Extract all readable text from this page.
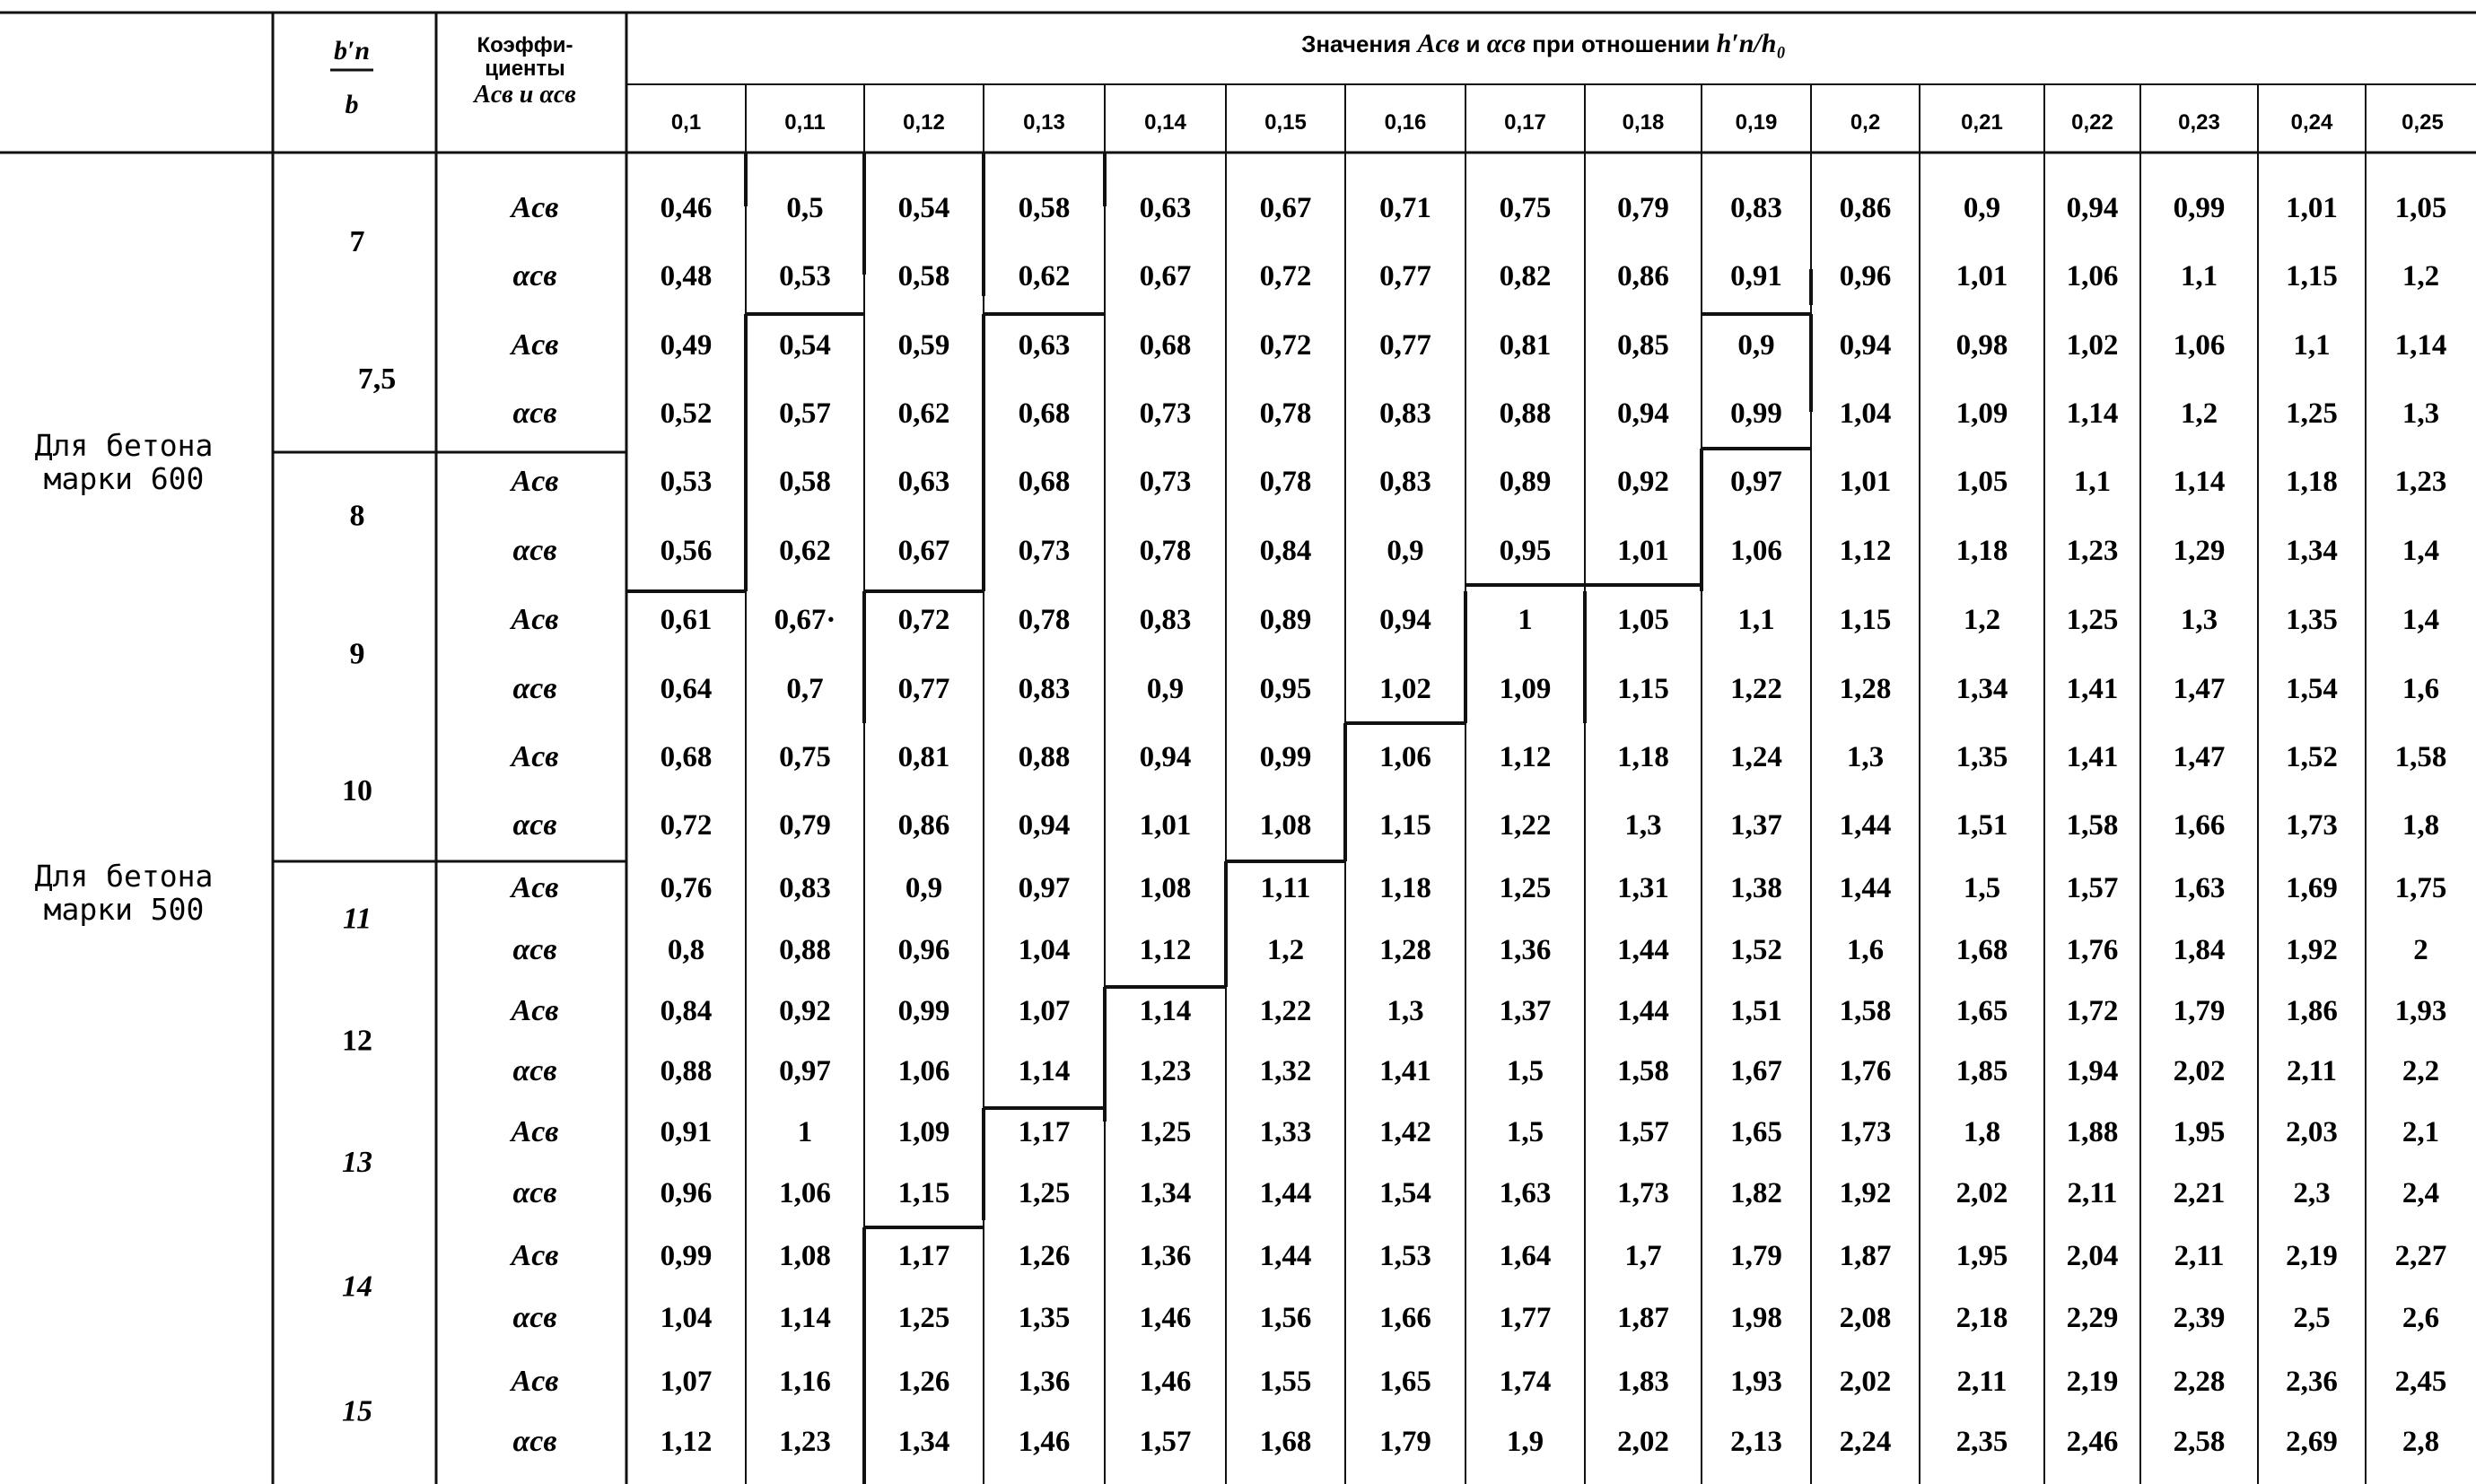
b′п
b
Коэффи-
циенты
Aсв и αсв
Значения Aсв и αсв при отношении h′п/h₀
0,1	0,11	0,12	0,13	0,14	0,15	0,16	0,17	0,18	0,19	0,2	0,21	0,22	0,23	0,24	0,25
Для бетона
марки 600
Для бетона
марки 500
7
Aсв	0,46	0,5	0,54 0,58 0,63 0,67 0,71 0,75 0,79 0,83 0,86 0,9 0,94 0,99 1,01 1,05
αсв	0,48 0,53 0,58 0,62 0,67 0,72 0,77 0,82 0,86 0,91 0,96 1,01 1,06 1,1 1,15 1,2
7,5
Aсв	0,49 0,54 0,59 0,63 0,68 0,72 0,77 0,81 0,85 0,9 0,94 0,98 1,02 1,06 1,1 1,14
αсв	0,52 0,57 0,62 0,68 0,73 0,78 0,83 0,88 0,94 0,99 1,04 1,09 1,14 1,2 1,25 1,3
8
Aсв	0,53 0,58 0,63 0,68 0,73 0,78 0,83 0,89 0,92 0,97 1,01 1,05 1,1 1,14 1,18 1,23
αсв	0,56 0,62 0,67 0,73 0,78 0,84	0,9	0,95 1,01 1,06 1,12 1,18 1,23 1,29 1,34 1,4
9
Aсв	0,61 0,67· 0,72 0,78 0,83 0,89 0,94	1	1,05 1,1 1,15 1,2 1,25 1,3 1,35 1,4
αсв	0,64	0,7	0,77 0,83	0,9	0,95 1,02 1,09 1,15 1,22 1,28 1,34 1,41 1,47 1,54 1,6
10
Aсв	0,68 0,75 0,81 0,88 0,94 0,99 1,06 1,12 1,18 1,24 1,3 1,35 1,41 1,47 1,52 1,58
αсв	0,72 0,79 0,86 0,94 1,01 1,08 1,15 1,22 1,3 1,37 1,44 1,51 1,58 1,66 1,73 1,8
11
Aсв	0,76 0,83	0,9	0,97 1,08 1,11 1,18 1,25 1,31 1,38 1,44 1,5 1,57 1,63 1,69 1,75
αсв	0,8	0,88 0,96 1,04 1,12	1,2	1,28 1,36 1,44 1,52 1,6 1,68 1,76 1,84 1,92	2
12
Aсв	0,84 0,92 0,99 1,07 1,14 1,22	1,3	1,37 1,44 1,51 1,58 1,65 1,72 1,79 1,86 1,93
αсв	0,88 0,97 1,06 1,14 1,23 1,32 1,41	1,5 1,58 1,67 1,76 1,85 1,94 2,02 2,11 2,2
13
Aсв	0,91	1	1,09 1,17 1,25 1,33 1,42	1,5 1,57 1,65 1,73 1,8 1,88 1,95 2,03 2,1
αсв	0,96 1,06 1,15 1,25 1,34 1,44 1,54 1,63 1,73 1,82 1,92 2,02 2,11 2,21 2,3 2,4
14
Aсв	0,99 1,08 1,17 1,26 1,36 1,44 1,53 1,64 1,7 1,79 1,87 1,95 2,04 2,11 2,19 2,27
αсв	1,04 1,14 1,25 1,35 1,46 1,56 1,66 1,77 1,87 1,98 2,08 2,18 2,29 2,39 2,5 2,6
15
Aсв	1,07 1,16 1,26 1,36 1,46 1,55 1,65 1,74 1,83 1,93 2,02 2,11 2,19 2,28 2,36 2,45
αсв	1,12 1,23 1,34 1,46 1,57 1,68 1,79	1,9 2,02 2,13 2,24 2,35 2,46 2,58 2,69 2,8
